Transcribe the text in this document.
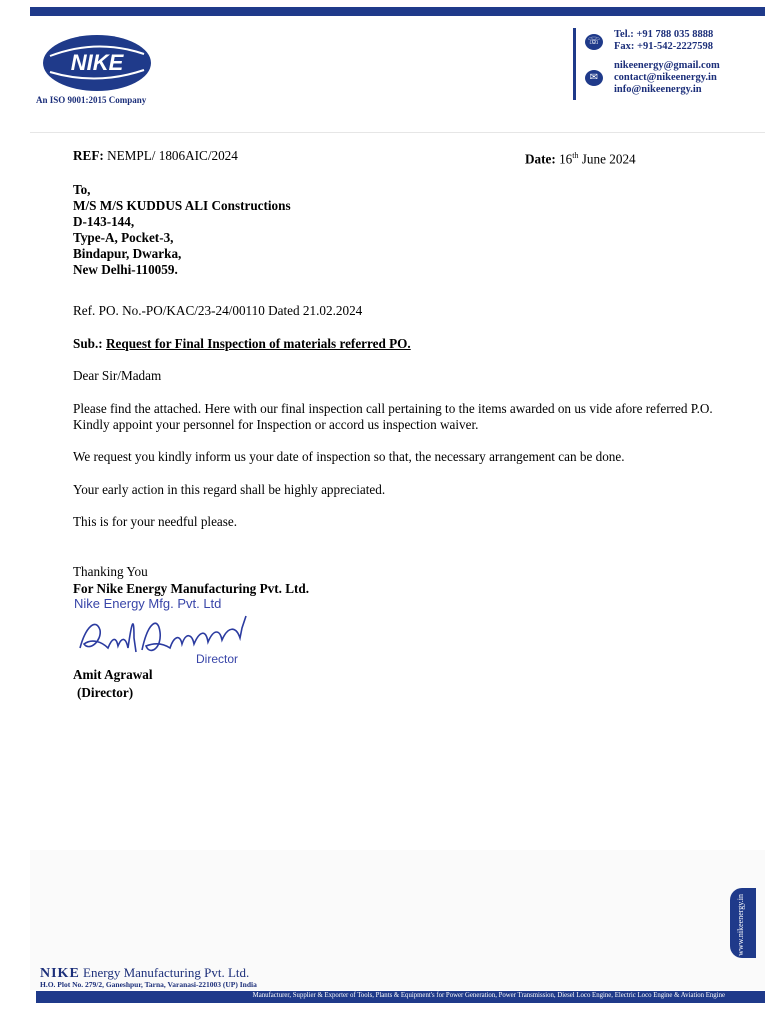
NIKE
An ISO 9001:2015 Company
☏
✉
Tel.: +91 788 035 8888
Fax: +91-542-2227598
nikeenergy@gmail.com
contact@nikeenergy.in
info@nikeenergy.in
REF: NEMPL/ 1806AIC/2024	Date: 16th June 2024
To,
M/S M/S KUDDUS ALI Constructions
D-143-144,
Type-A, Pocket-3,
Bindapur, Dwarka,
New Delhi-110059.
Ref. PO. No.-PO/KAC/23-24/00110 Dated 21.02.2024
Sub.: Request for Final Inspection of materials referred PO.
Dear Sir/Madam
Please find the attached. Here with our final inspection call pertaining to the items awarded on us vide afore referred P.O. Kindly appoint your personnel for Inspection or accord us inspection waiver.
We request you kindly inform us your date of inspection so that, the necessary arrangement can be done.
Your early action in this regard shall be highly appreciated.
This is for your needful please.
Thanking You
For Nike Energy Manufacturing Pvt. Ltd.
Nike Energy Mfg. Pvt. Ltd
Director
Amit Agrawal
(Director)
www.nikeenergy.in
NIKE Energy Manufacturing Pvt. Ltd.
H.O. Plot No. 279/2, Ganeshpur, Tarna, Varanasi-221003 (UP) India
Manufacturer, Supplier & Exporter of Tools, Plants & Equipment's for Power Generation, Power Transmission, Diesel Loco Engine, Electric Loco Engine & Aviation Engine
